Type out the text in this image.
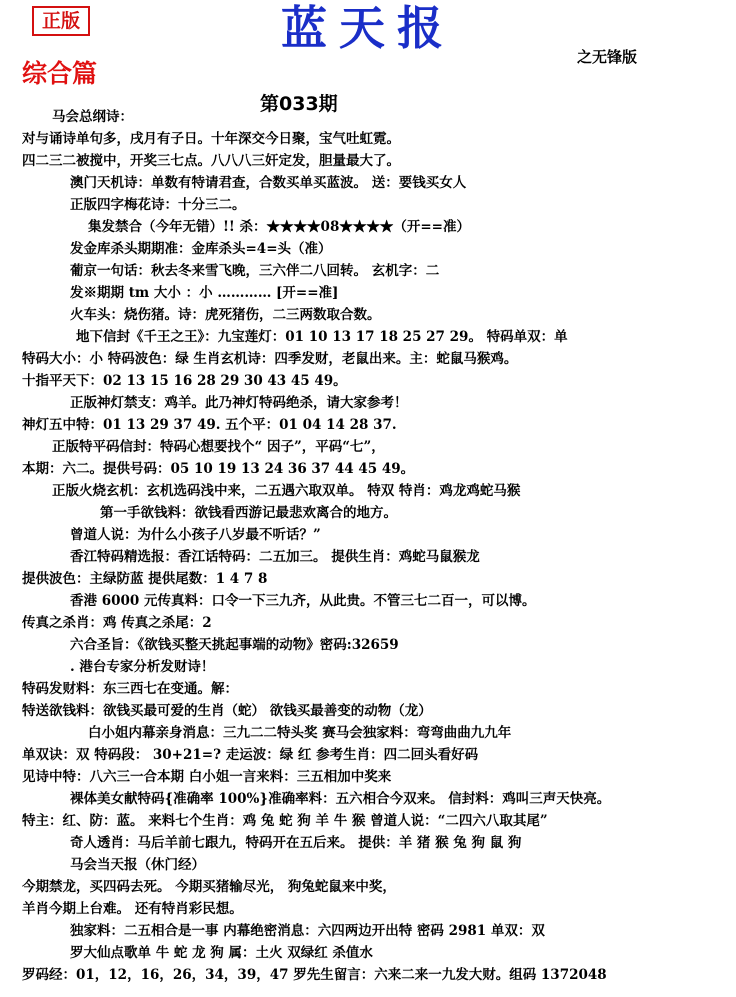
正版	蓝天报
之无锋版
综合篇
第033期
马会总纲诗：
对与诵诗单句多，戌月有子日。十年深交今日聚，宝气吐虹霓。
四二三二被搅中，开奖三七点。八八八三奸定发，胆量最大了。
澳门天机诗：单数有特请君查，合数买单买蓝波。 送：要钱买女人
正版四字梅花诗：十分三二。
集发禁合（今年无错）!! 杀：★★★★08★★★★（开==准）
发金库杀头期期准：金库杀头=4=头（准）
葡京一句话：秋去冬来雪飞晚，三六伴二八回转。 玄机字：二
发※期期 tm 大小 ：小 ………… [开==准]
火车头：烧伤猪。诗：虎死猪伤，二三两数取合数。
地下信封《千王之王》：九宝莲灯：01 10 13 17 18 25 27 29。 特码单双：单
特码大小：小 特码波色：绿 生肖玄机诗：四季发财，老鼠出来。主：蛇鼠马猴鸡。
十指平天下：02 13 15 16 28 29 30 43 45 49。
正版神灯禁支：鸡羊。此乃神灯特码绝杀，请大家参考！
神灯五中特：01 13 29 37 49. 五个平：01 04 14 28 37.
正版特平码信封：特码心想要找个“ 因子”，平码“七”，
本期：六二。提供号码：05 10 19 13 24 36 37 44 45 49。
正版火烧玄机：玄机选码浅中来，二五遇六取双单。 特双 特肖：鸡龙鸡蛇马猴
第一手欲钱料：欲钱看西游记最悲欢离合的地方。
曾道人说：为什么小孩子八岁最不听话？”
香江特码精选报：香江话特码：二五加三。 提供生肖：鸡蛇马鼠猴龙
提供波色：主绿防蓝 提供尾数：1 4 7 8
香港 6000 元传真料：口令一下三九齐，从此贵。不管三七二百一，可以博。
传真之杀肖：鸡 传真之杀尾：2
六合圣旨：《欲钱买整天挑起事端的动物》密码:32659
. 港台专家分析发财诗！
特码发财料：东三西七在变通。解：
特送欲钱料：欲钱买最可爱的生肖（蛇） 欲钱买最善变的动物（龙）
白小姐内幕亲身消息：三九二二特头奖 赛马会独家料：弯弯曲曲九九年
单双诀：双 特码段： 30+21=? 走运波：绿 红 参考生肖：四二回头看好码
见诗中特：八六三一合本期 白小姐一言来料：三五相加中奖来
裸体美女献特码{准确率 100%}准确率料：五六相合今双来。 信封料：鸡叫三声天快亮。
特主：红、防：蓝。 来料七个生肖：鸡 兔 蛇 狗 羊 牛 猴 曾道人说：“二四六八取其尾”
奇人透肖：马后羊前七跟九，特码开在五后来。 提供：羊 猪 猴 兔 狗 鼠 狗
马会当天报（休门经）
今期禁龙，买四码去死。 今期买猪输尽光， 狗兔蛇鼠来中奖，
羊肖今期上台难。 还有特肖彩民想。
独家料：二五相合是一事 内幕绝密消息：六四两边开出特 密码 2981 单双：双
罗大仙点歌单 牛 蛇 龙 狗 属：土火 双绿红 杀值水
罗码经：01，12，16，26，34，39，47 罗先生留言：六来二来一九发大财。组码 1372048
